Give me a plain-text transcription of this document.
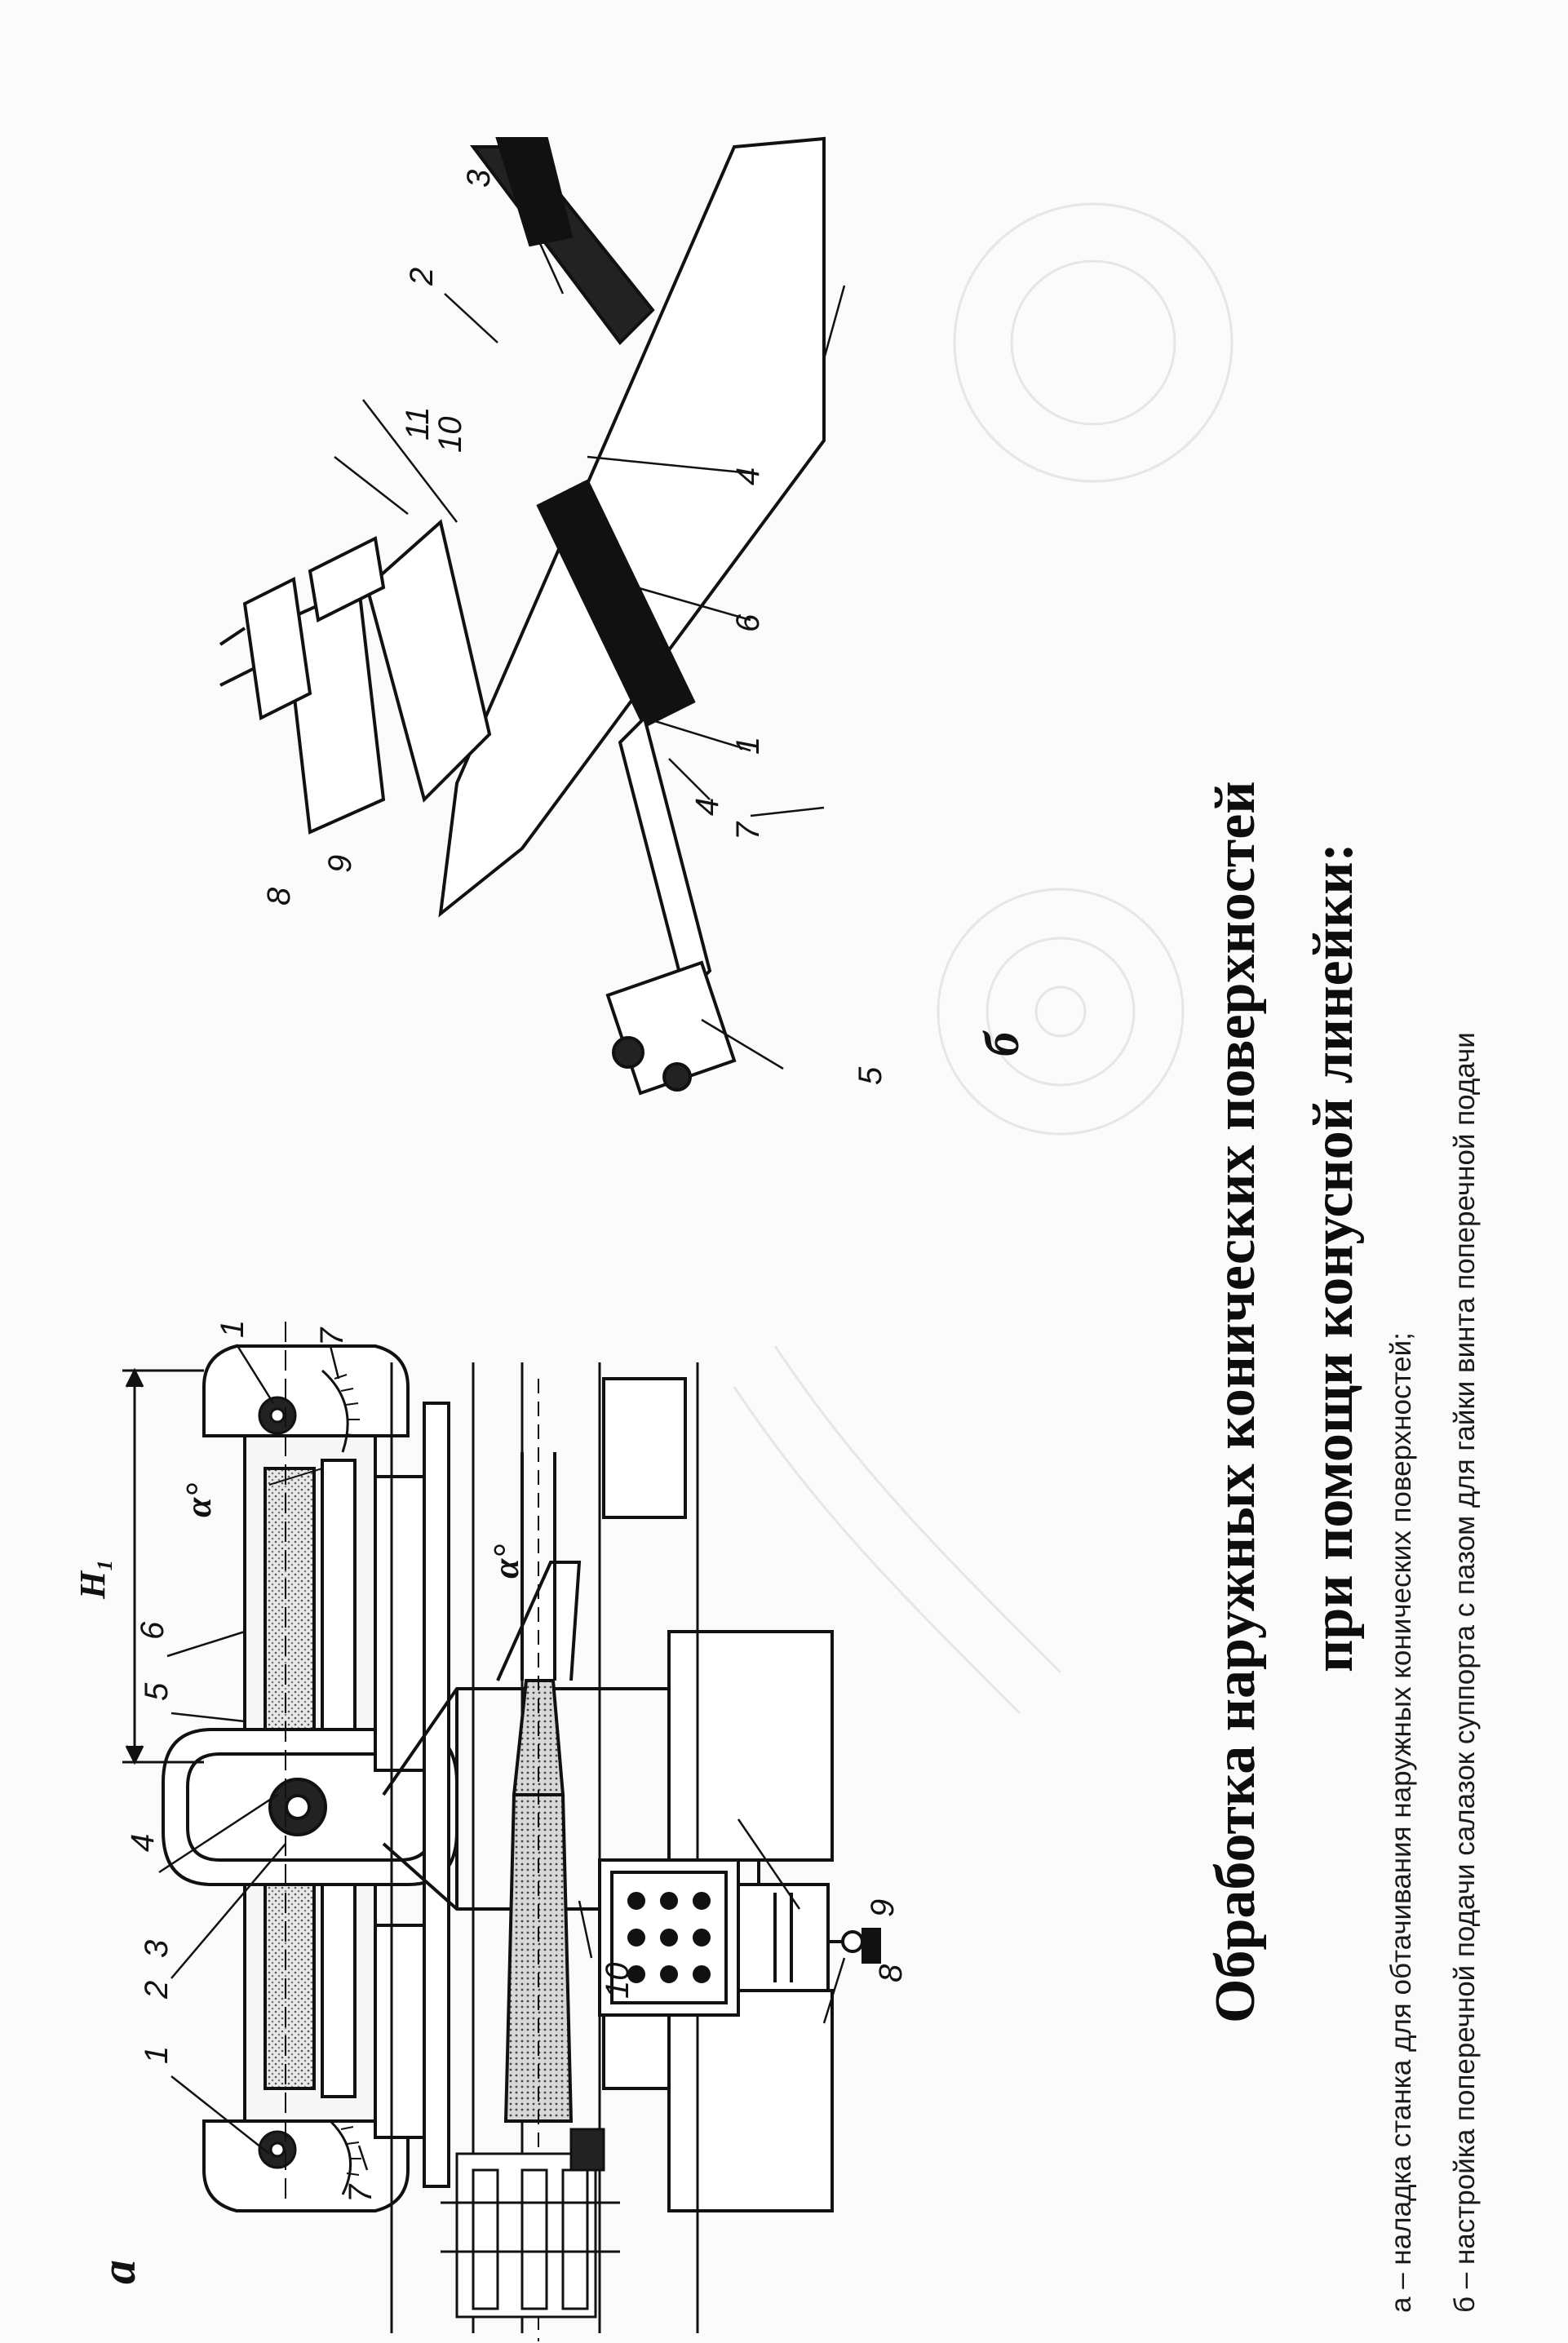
1 7
5
6
4
3
2
1
7
10	8
9
H₁
α°
α°
3
2
11
10
4
6
1
4
7
5
8
9
а
б	Обработка наружных конических поверхностей при помощи конусной линейки:
а – наладка станка для обтачивания наружных конических поверхностей; б – настройка поперечной подачи салазок суппорта с пазом для гайки винта поперечной подачи
